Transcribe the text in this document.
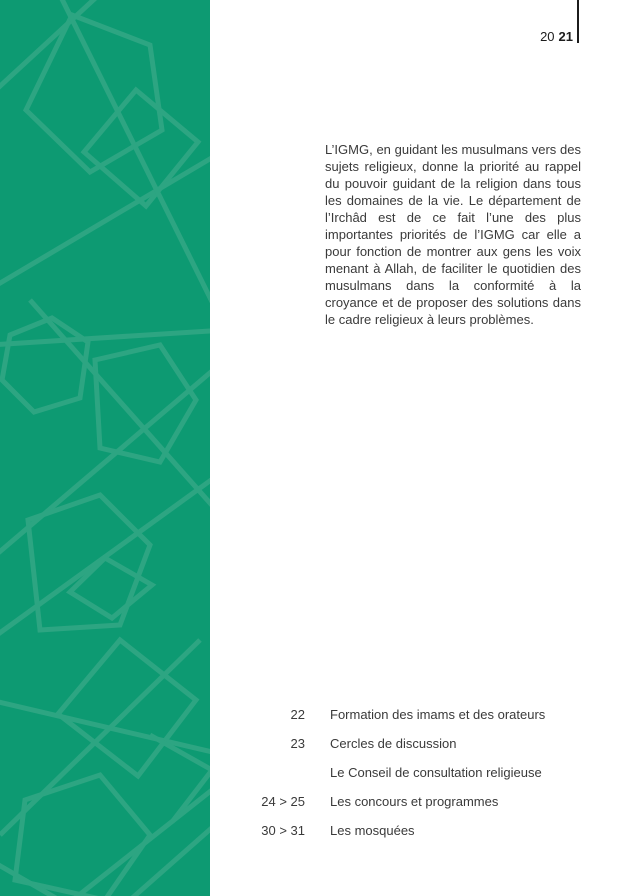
20 21

L’IGMG, en guidant les musulmans vers des sujets religieux, donne la priorité au rappel du pouvoir guidant de la religion dans tous les domaines de la vie. Le département de l’Irchâd est de ce fait l’une des plus importantes priorités de l’IGMG car elle a pour fonction de montrer aux gens les voix menant à Allah, de faciliter le quotidien des musulmans dans la conformité à la croyance et de proposer des solutions dans le cadre religieux à leurs problèmes.

22 Formation des imams et des orateurs
23 Cercles de discussion
Le Conseil de consultation religieuse
24 > 25 Les concours et programmes
30 > 31 Les mosquées
